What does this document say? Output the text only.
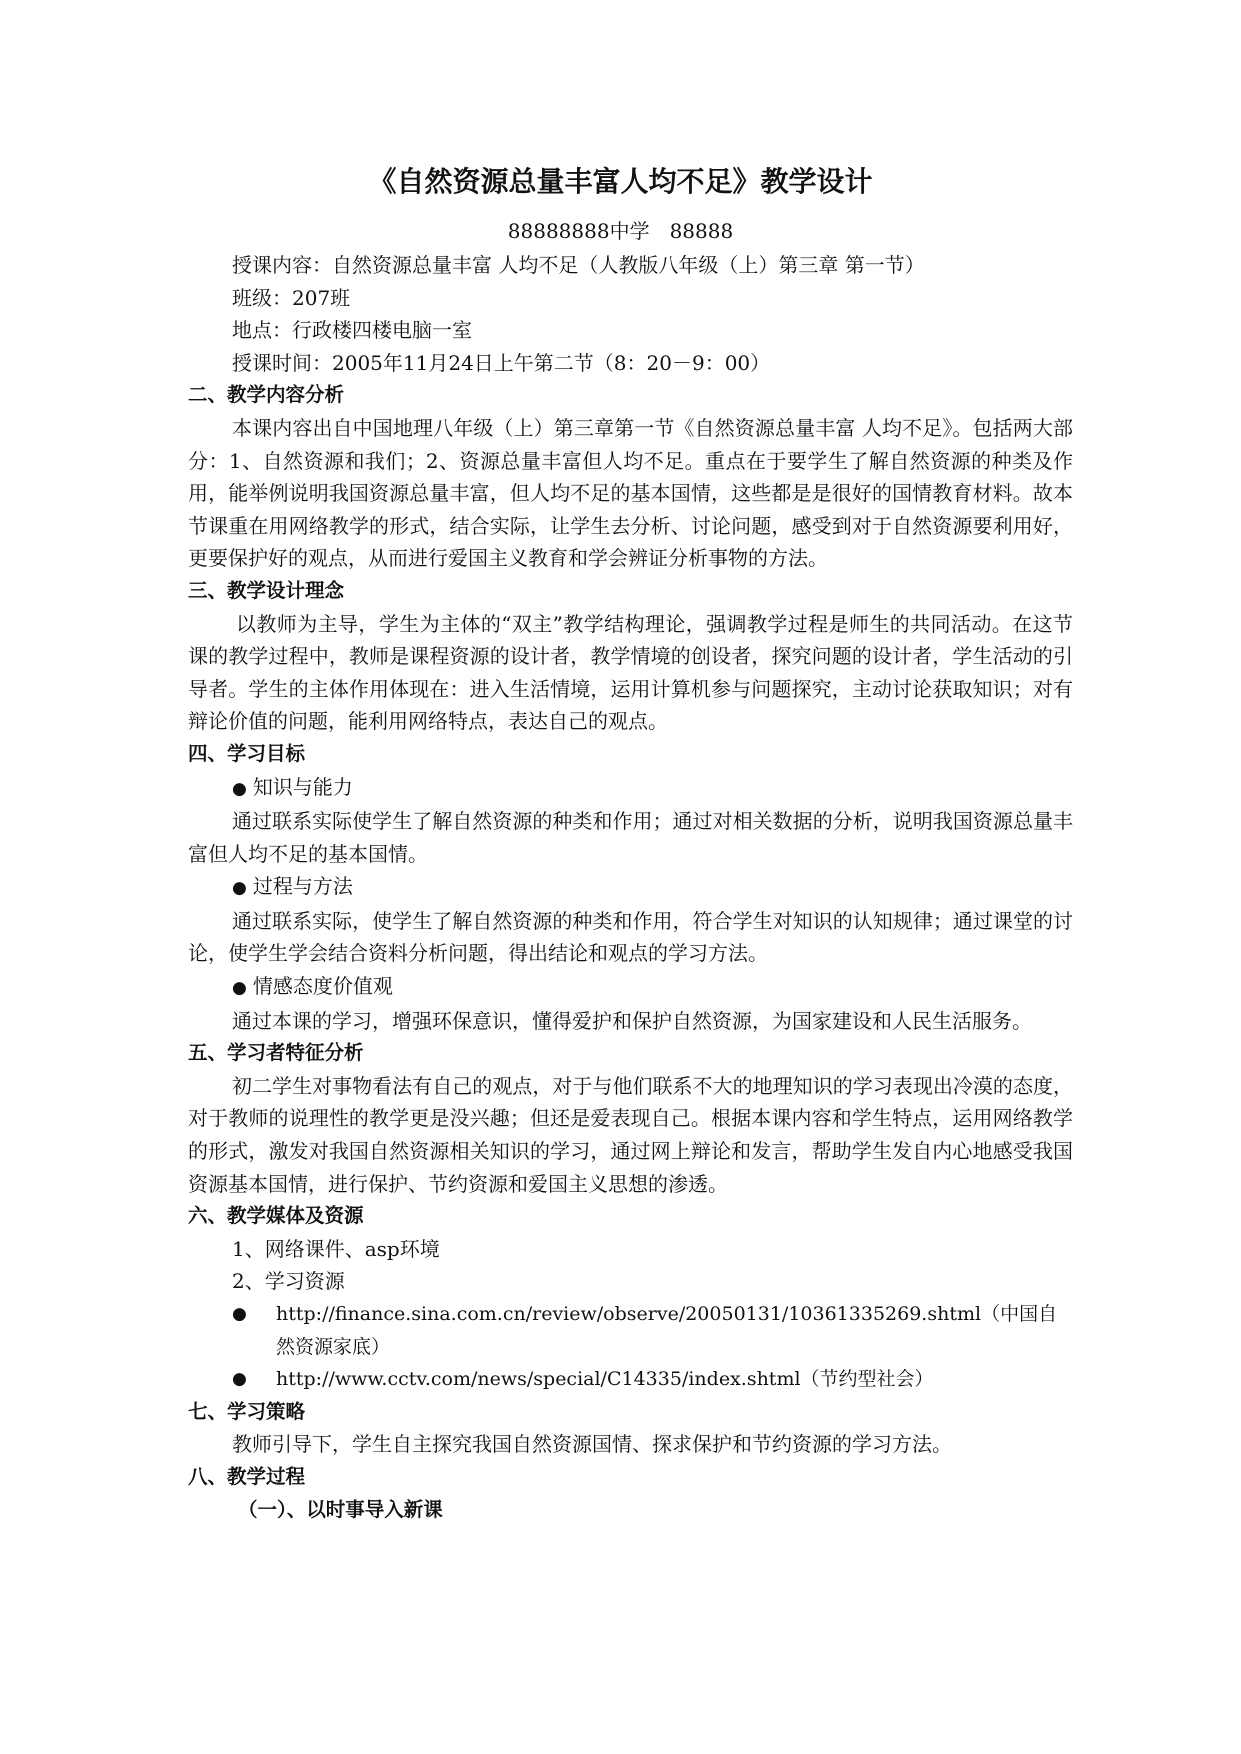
《自然资源总量丰富人均不足》教学设计
88888888中学　88888

授课内容：自然资源总量丰富 人均不足（人教版八年级（上）第三章 第一节）

班级：207班

地点：行政楼四楼电脑一室

授课时间：2005年11月24日上午第二节（8：20－9：00）

二、教学内容分析

本课内容出自中国地理八年级（上）第三章第一节《自然资源总量丰富 人均不足》。包括两大部分：1、自然资源和我们；2、资源总量丰富但人均不足。重点在于要学生了解自然资源的种类及作用，能举例说明我国资源总量丰富，但人均不足的基本国情，这些都是是很好的国情教育材料。故本节课重在用网络教学的形式，结合实际，让学生去分析、讨论问题，感受到对于自然资源要利用好，更要保护好的观点，从而进行爱国主义教育和学会辨证分析事物的方法。

三、教学设计理念

以教师为主导，学生为主体的“双主”教学结构理论，强调教学过程是师生的共同活动。在这节课的教学过程中，教师是课程资源的设计者，教学情境的创设者，探究问题的设计者，学生活动的引导者。学生的主体作用体现在：进入生活情境，运用计算机参与问题探究，主动讨论获取知识；对有辩论价值的问题，能利用网络特点，表达自己的观点。

四、学习目标

● 知识与能力

通过联系实际使学生了解自然资源的种类和作用；通过对相关数据的分析，说明我国资源总量丰富但人均不足的基本国情。

● 过程与方法

通过联系实际，使学生了解自然资源的种类和作用，符合学生对知识的认知规律；通过课堂的讨论，使学生学会结合资料分析问题，得出结论和观点的学习方法。

● 情感态度价值观

通过本课的学习，增强环保意识，懂得爱护和保护自然资源，为国家建设和人民生活服务。

五、学习者特征分析

初二学生对事物看法有自己的观点，对于与他们联系不大的地理知识的学习表现出冷漠的态度，对于教师的说理性的教学更是没兴趣；但还是爱表现自己。根据本课内容和学生特点，运用网络教学的形式，激发对我国自然资源相关知识的学习，通过网上辩论和发言，帮助学生发自内心地感受我国资源基本国情，进行保护、节约资源和爱国主义思想的渗透。

六、教学媒体及资源

1、网络课件、asp环境

2、学习资源

●	http://finance.sina.com.cn/review/observe/20050131/10361335269.shtml（中国自然资源家底）

●	http://www.cctv.com/news/special/C14335/index.shtml（节约型社会）

七、学习策略

教师引导下，学生自主探究我国自然资源国情、探求保护和节约资源的学习方法。

八、教学过程
（一）、以时事导入新课
